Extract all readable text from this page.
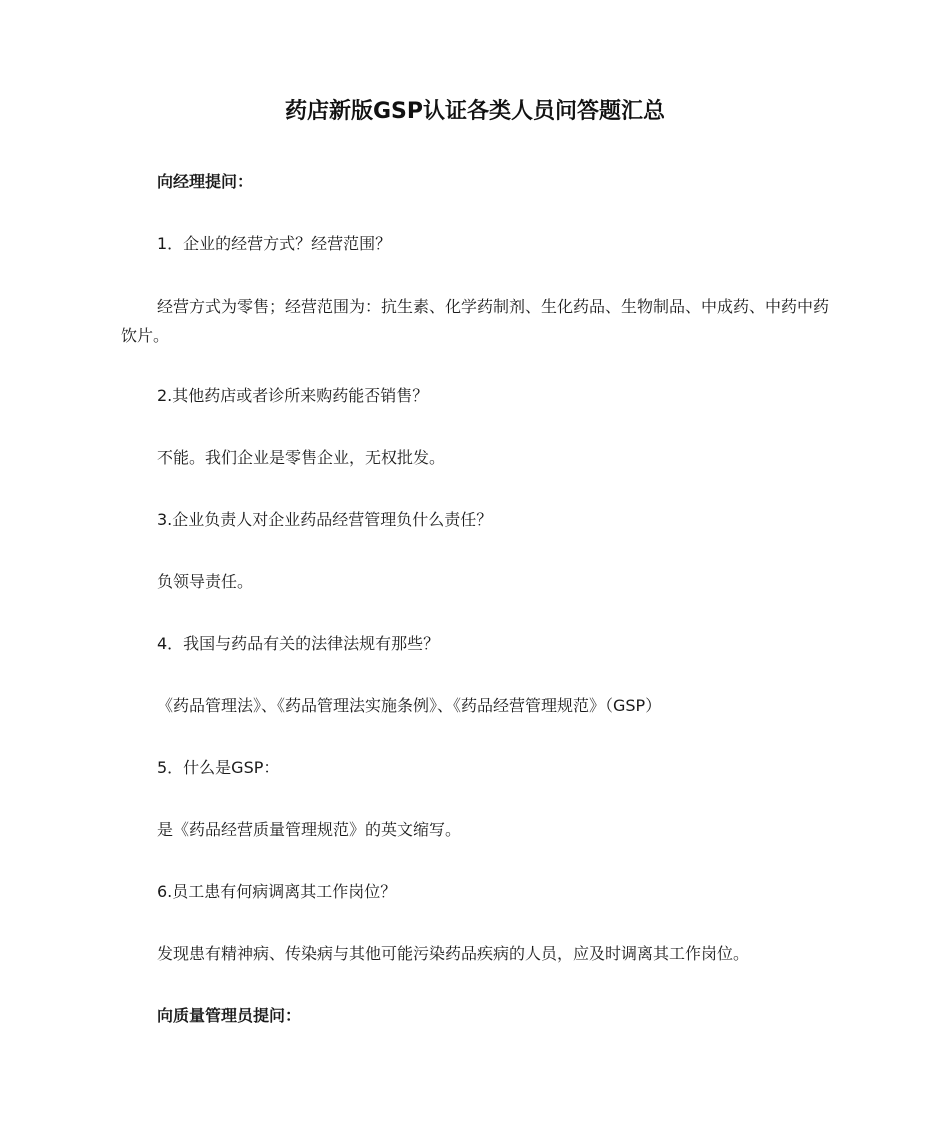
药店新版GSP认证各类人员问答题汇总
向经理提问：
1．企业的经营方式？经营范围？
经营方式为零售；经营范围为：抗生素、化学药制剂、生化药品、生物制品、中成药、中药中药饮片。
2.其他药店或者诊所来购药能否销售？
不能。我们企业是零售企业，无权批发。
3.企业负责人对企业药品经营管理负什么责任？
负领导责任。
4．我国与药品有关的法律法规有那些？
《药品管理法》、《药品管理法实施条例》、《药品经营管理规范》（GSP）
5．什么是GSP：
是《药品经营质量管理规范》的英文缩写。
6.员工患有何病调离其工作岗位？
发现患有精神病、传染病与其他可能污染药品疾病的人员，应及时调离其工作岗位。
向质量管理员提问：
